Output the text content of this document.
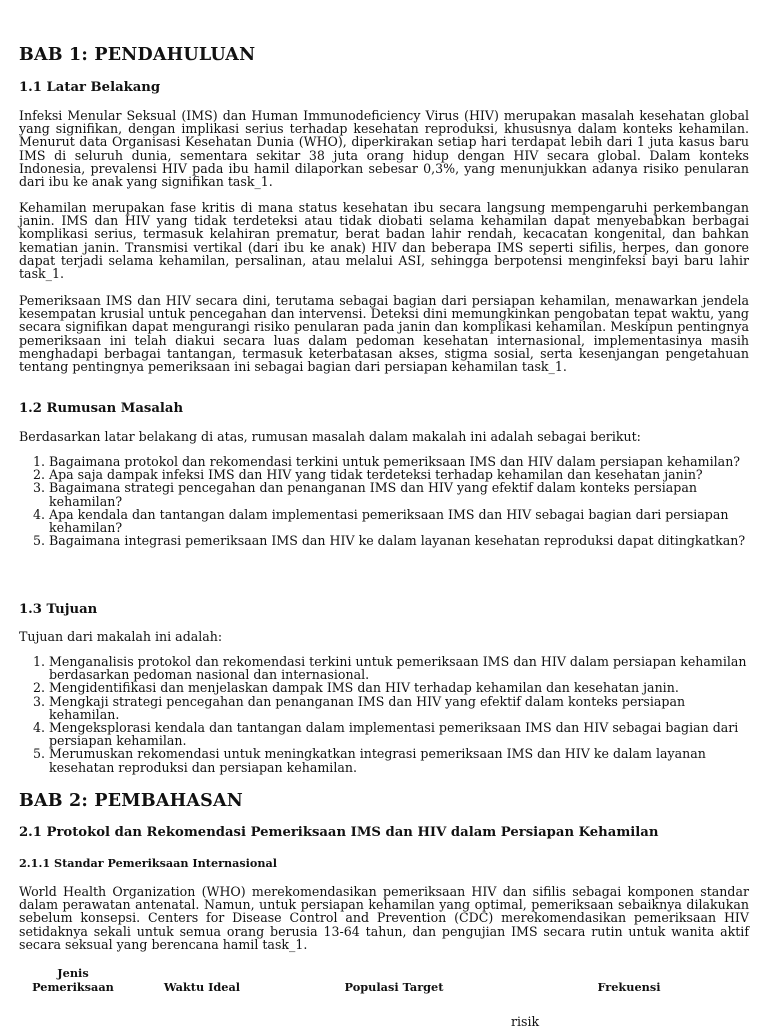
BAB 1: PENDAHULUAN
1.1 Latar Belakang
Infeksi Menular Seksual (IMS) dan Human Immunodeficiency Virus (HIV) merupakan masalah kesehatan global yang signifikan, dengan implikasi serius terhadap kesehatan reproduksi, khususnya dalam konteks kehamilan. Menurut data Organisasi Kesehatan Dunia (WHO), diperkirakan setiap hari terdapat lebih dari 1 juta kasus baru IMS di seluruh dunia, sementara sekitar 38 juta orang hidup dengan HIV secara global. Dalam konteks Indonesia, prevalensi HIV pada ibu hamil dilaporkan sebesar 0,3%, yang menunjukkan adanya risiko penularan dari ibu ke anak yang signifikan task_1.
Kehamilan merupakan fase kritis di mana status kesehatan ibu secara langsung mempengaruhi perkembangan janin. IMS dan HIV yang tidak terdeteksi atau tidak diobati selama kehamilan dapat menyebabkan berbagai komplikasi serius, termasuk kelahiran prematur, berat badan lahir rendah, kecacatan kongenital, dan bahkan kematian janin. Transmisi vertikal (dari ibu ke anak) HIV dan beberapa IMS seperti sifilis, herpes, dan gonore dapat terjadi selama kehamilan, persalinan, atau melalui ASI, sehingga berpotensi menginfeksi bayi baru lahir task_1.
Pemeriksaan IMS dan HIV secara dini, terutama sebagai bagian dari persiapan kehamilan, menawarkan jendela kesempatan krusial untuk pencegahan dan intervensi. Deteksi dini memungkinkan pengobatan tepat waktu, yang secara signifikan dapat mengurangi risiko penularan pada janin dan komplikasi kehamilan. Meskipun pentingnya pemeriksaan ini telah diakui secara luas dalam pedoman kesehatan internasional, implementasinya masih menghadapi berbagai tantangan, termasuk keterbatasan akses, stigma sosial, serta kesenjangan pengetahuan tentang pentingnya pemeriksaan ini sebagai bagian dari persiapan kehamilan task_1.
1.2 Rumusan Masalah
Berdasarkan latar belakang di atas, rumusan masalah dalam makalah ini adalah sebagai berikut:
1. Bagaimana protokol dan rekomendasi terkini untuk pemeriksaan IMS dan HIV dalam persiapan kehamilan?
2. Apa saja dampak infeksi IMS dan HIV yang tidak terdeteksi terhadap kehamilan dan kesehatan janin?
3. Bagaimana strategi pencegahan dan penanganan IMS dan HIV yang efektif dalam konteks persiapan kehamilan?
4. Apa kendala dan tantangan dalam implementasi pemeriksaan IMS dan HIV sebagai bagian dari persiapan kehamilan?
5. Bagaimana integrasi pemeriksaan IMS dan HIV ke dalam layanan kesehatan reproduksi dapat ditingkatkan?
1.3 Tujuan
Tujuan dari makalah ini adalah:
1. Menganalisis protokol dan rekomendasi terkini untuk pemeriksaan IMS dan HIV dalam persiapan kehamilan berdasarkan pedoman nasional dan internasional.
2. Mengidentifikasi dan menjelaskan dampak IMS dan HIV terhadap kehamilan dan kesehatan janin.
3. Mengkaji strategi pencegahan dan penanganan IMS dan HIV yang efektif dalam konteks persiapan kehamilan.
4. Mengeksplorasi kendala dan tantangan dalam implementasi pemeriksaan IMS dan HIV sebagai bagian dari persiapan kehamilan.
5. Merumuskan rekomendasi untuk meningkatkan integrasi pemeriksaan IMS dan HIV ke dalam layanan kesehatan reproduksi dan persiapan kehamilan.
BAB 2: PEMBAHASAN
2.1 Protokol dan Rekomendasi Pemeriksaan IMS dan HIV dalam Persiapan Kehamilan
2.1.1 Standar Pemeriksaan Internasional
World Health Organization (WHO) merekomendasikan pemeriksaan HIV dan sifilis sebagai komponen standar dalam perawatan antenatal. Namun, untuk persiapan kehamilan yang optimal, pemeriksaan sebaiknya dilakukan sebelum konsepsi. Centers for Disease Control and Prevention (CDC) merekomendasikan pemeriksaan HIV setidaknya sekali untuk semua orang berusia 13-64 tahun, dan pengujian IMS secara rutin untuk wanita aktif secara seksual yang berencana hamil task_1.
Jenis Pemeriksaan	Waktu Ideal	Populasi Target	Frekuensi
risik
